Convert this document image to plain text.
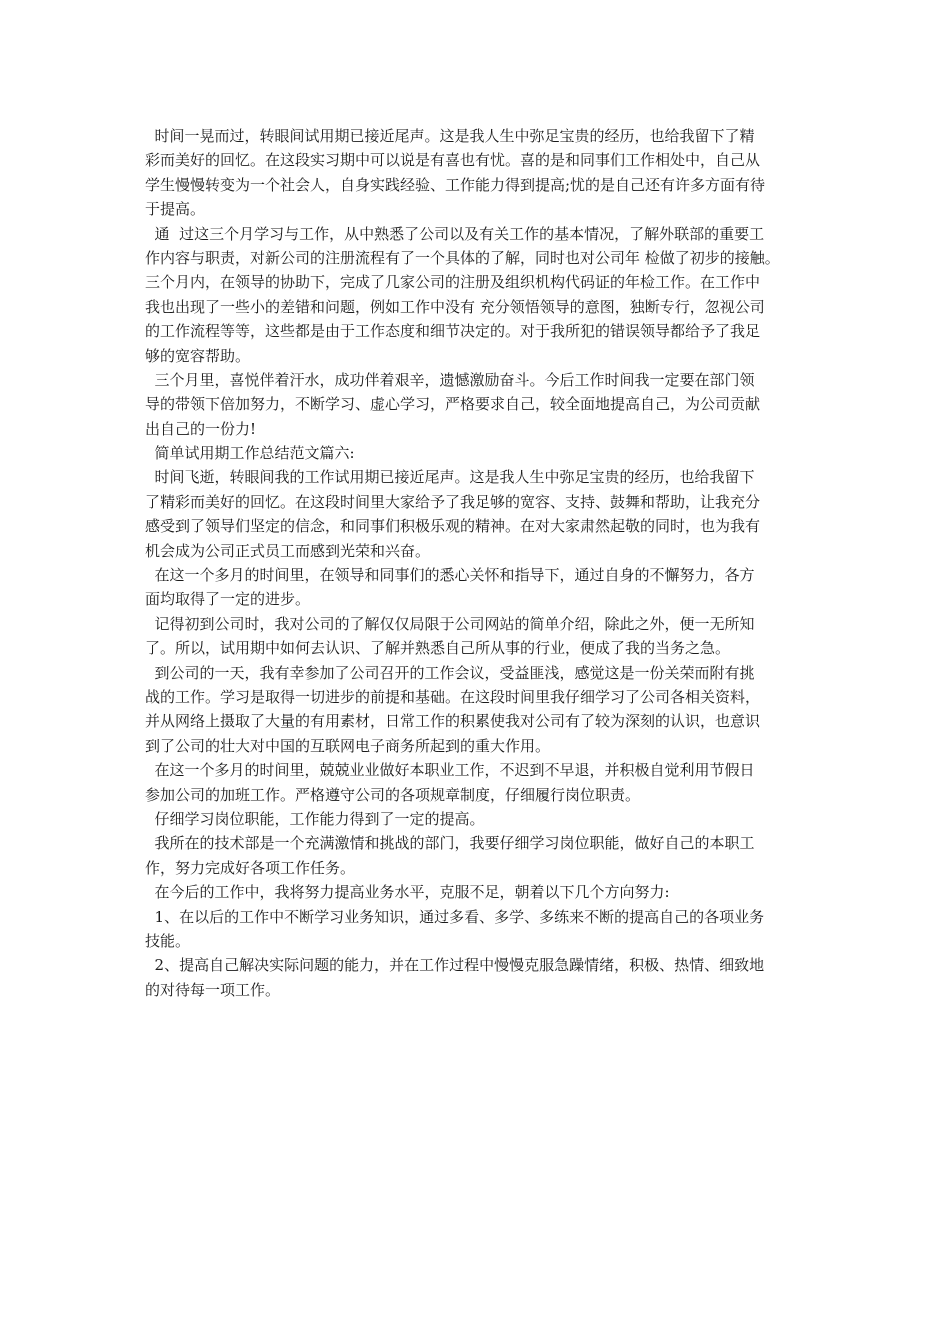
时间一晃而过，转眼间试用期已接近尾声。这是我人生中弥足宝贵的经历，也给我留下了精
彩而美好的回忆。在这段实习期中可以说是有喜也有忧。喜的是和同事们工作相处中，自己从
学生慢慢转变为一个社会人，自身实践经验、工作能力得到提高;忧的是自己还有许多方面有待
于提高。
通  过这三个月学习与工作，从中熟悉了公司以及有关工作的基本情况，了解外联部的重要工
作内容与职责，对新公司的注册流程有了一个具体的了解，同时也对公司年 检做了初步的接触。
三个月内，在领导的协助下，完成了几家公司的注册及组织机构代码证的年检工作。在工作中
我也出现了一些小的差错和问题，例如工作中没有 充分领悟领导的意图，独断专行，忽视公司
的工作流程等等，这些都是由于工作态度和细节决定的。对于我所犯的错误领导都给予了我足
够的宽容帮助。
三个月里，喜悦伴着汗水，成功伴着艰辛，遗憾激励奋斗。今后工作时间我一定要在部门领
导的带领下倍加努力，不断学习、虚心学习，严格要求自己，较全面地提高自己，为公司贡献
出自己的一份力!
简单试用期工作总结范文篇六:
时间飞逝，转眼间我的工作试用期已接近尾声。这是我人生中弥足宝贵的经历，也给我留下
了精彩而美好的回忆。在这段时间里大家给予了我足够的宽容、支持、鼓舞和帮助，让我充分
感受到了领导们坚定的信念，和同事们积极乐观的精神。在对大家肃然起敬的同时，也为我有
机会成为公司正式员工而感到光荣和兴奋。
在这一个多月的时间里，在领导和同事们的悉心关怀和指导下，通过自身的不懈努力，各方
面均取得了一定的进步。
记得初到公司时，我对公司的了解仅仅局限于公司网站的简单介绍，除此之外，便一无所知
了。所以，试用期中如何去认识、了解并熟悉自己所从事的行业，便成了我的当务之急。
到公司的一天，我有幸参加了公司召开的工作会议，受益匪浅，感觉这是一份关荣而附有挑
战的工作。学习是取得一切进步的前提和基础。在这段时间里我仔细学习了公司各相关资料，
并从网络上摄取了大量的有用素材，日常工作的积累使我对公司有了较为深刻的认识，也意识
到了公司的壮大对中国的互联网电子商务所起到的重大作用。
在这一个多月的时间里，兢兢业业做好本职业工作，不迟到不早退，并积极自觉利用节假日
参加公司的加班工作。严格遵守公司的各项规章制度，仔细履行岗位职责。
仔细学习岗位职能，工作能力得到了一定的提高。
我所在的技术部是一个充满激情和挑战的部门，我要仔细学习岗位职能，做好自己的本职工
作，努力完成好各项工作任务。
在今后的工作中，我将努力提高业务水平，克服不足，朝着以下几个方向努力:
1、在以后的工作中不断学习业务知识，通过多看、多学、多练来不断的提高自己的各项业务
技能。
2、提高自己解决实际问题的能力，并在工作过程中慢慢克服急躁情绪，积极、热情、细致地
的对待每一项工作。
